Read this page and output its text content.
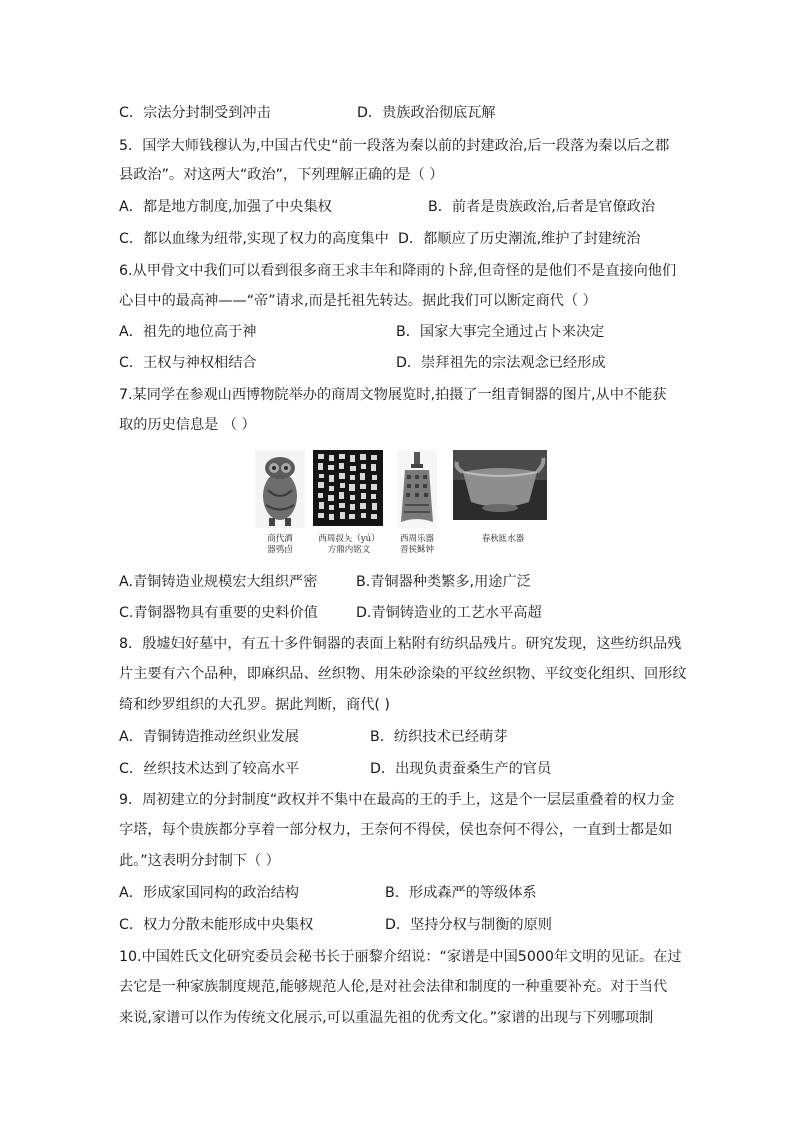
C．宗法分封制受到冲击	D．贵族政治彻底瓦解
5．国学大师钱穆认为,中国古代史“前一段落为秦以前的封建政治,后一段落为秦以后之郡
县政治”。对这两大“政治”，下列理解正确的是（ ）
A．都是地方制度,加强了中央集权	B．前者是贵族政治,后者是官僚政治
C．都以血缘为纽带,实现了权力的高度集中 D．都顺应了历史潮流,维护了封建统治
6.从甲骨文中我们可以看到很多商王求丰年和降雨的卜辞,但奇怪的是他们不是直接向他们
心目中的最高神——“帝”请求,而是托祖先转达。据此我们可以断定商代（ ）
A．祖先的地位高于神	B．国家大事完全通过占卜来决定
C．王权与神权相结合	D．崇拜祖先的宗法观念已经形成
7.某同学在参观山西博物院举办的商周文物展览时,拍摄了一组青铜器的图片,从中不能获
取的历史信息是 （ ）
商代酒
器鸮卣
西周叔夨（yú）
方鼎内铭文
西周乐器
晋侯稣钟
春秋匜水器
A.青铜铸造业规模宏大组织严密	B.青铜器种类繁多,用途广泛
C.青铜器物具有重要的史料价值	D.青铜铸造业的工艺水平高超
8．殷墟妇好墓中，有五十多件铜器的表面上粘附有纺织品残片。研究发现，这些纺织品残
片主要有六个品种，即麻织品、丝织物、用朱砂涂染的平纹丝织物、平纹变化组织、回形纹
绮和纱罗组织的大孔罗。据此判断，商代( )
A．青铜铸造推动丝织业发展	B．纺织技术已经萌芽
C．丝织技术达到了较高水平	D．出现负责蚕桑生产的官员
9．周初建立的分封制度“政权并不集中在最高的王的手上，这是个一层层重叠着的权力金
字塔，每个贵族都分享着一部分权力，王奈何不得侯，侯也奈何不得公，一直到士都是如
此。”这表明分封制下（ ）
A．形成家国同构的政治结构	B．形成森严的等级体系
C．权力分散未能形成中央集权	D．坚持分权与制衡的原则
10.中国姓氏文化研究委员会秘书长于丽黎介绍说：“家谱是中国5000年文明的见证。在过
去它是一种家族制度规范,能够规范人伦,是对社会法律和制度的一种重要补充。对于当代
来说,家谱可以作为传统文化展示,可以重温先祖的优秀文化。”家谱的出现与下列哪项制
